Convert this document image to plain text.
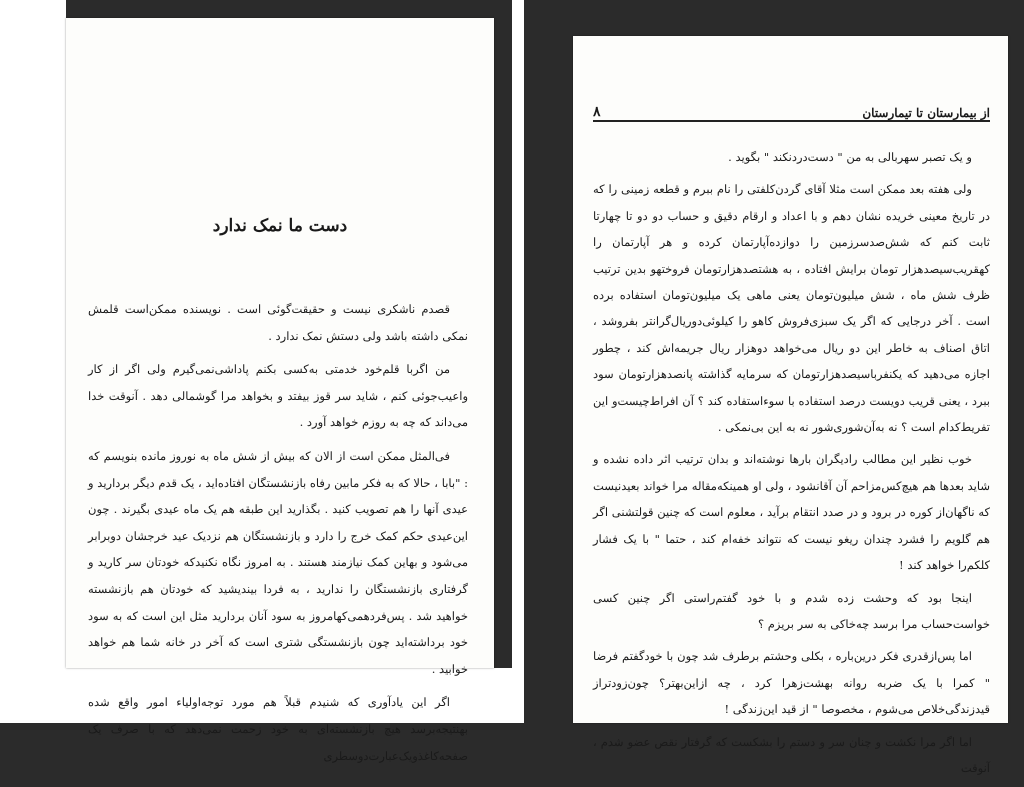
دست ما نمک ندارد

قصدم ناشکری نیست و حقیقت‌گوئی است . نویسنده ممکن‌است قلمش نمکی داشته باشد ولی دستش نمک ندارد .

من اگربا قلم‌خود خدمتی به‌کسی بکنم پاداشی‌نمی‌گیرم ولی اگر از کار واعیب‌جوئی کنم ، شاید سر قوز بیفتد و بخواهد مرا گوشمالی دهد . آنوقت خدا می‌داند که چه به روزم خواهد آورد .

فی‌المثل ممکن است از الان که بیش از شش ماه به نوروز مانده بنویسم که : "بابا ، حالا که به فکر ما‌بین رفاه بازنشستگان افتاده‌اید ، یک قدم دیگر بردارید و عیدی آنها را هم تصویب کنید . بگذارید این طبقه هم یک ماه عیدی بگیرند . چون این‌عیدی حکم کمک خرج را دارد و بازنشستگان هم نزدیک عید خرجشان دوبرابر می‌شود و بهاین کمک نیازمند هستند . به امروز نگاه نکنیدکه خودتان سر کارید و گرفتاری بازنشستگان را ندارید ، به فردا بیندیشید که خودتان هم بازنشسته خواهید شد . پس‌فردهمی‌کهامروز به سود آنان بردارید مثل این است که به سود خود برداشته‌اید چون بازنشستگی شتری است که آخر در خانه شما هم خواهد خوابید .

اگر این یادآوری که شنیدم قبلاً هم مورد توجه‌اولیاء امور واقع شده بهنتیجه‌برسد هیچ بازنشسته‌ای به خود زحمت نمی‌دهد که با صرف یک صفحه‌کاغذویک‌عبارت‌دوسطری

۸	از بیمارستان تا تیمارستان

و یک تصبر سهربالی به من " دست‌دردنکند " بگوید .

ولی هفته بعد ممکن است مثلا آقای گردن‌کلفتی را نام ببرم و قطعه‌ زمینی را که در تاریخ معینی خریده نشان دهم و با اعداد و ارقام دقیق و حساب دو دو تا چهارتا ثابت کنم که شش‌صدسرزمین را دوازده‌آپارتمان کرده و هر آپارتمان را کهقریب‌سیصدهزار تومان برایش افتاده ، به هشتصدهزارتومان فروختهو بدین ترتیب ظرف شش ماه ، شش میلیون‌تومان یعنی ماهی یک میلیون‌تومان استفاده برده است . آخر درجایی که اگر یک سبزی‌فروش کاهو را کیلوئی‌دوریال‌گرانتر بفروشد ، اتاق اصناف به خاطر این دو ریال می‌خواهد دوهزار ریال جریمه‌اش کند ، چطور اجازه می‌دهید که یکنفربا‌سیصدهزارتومان که سرمایه گذاشته پانصدهزارتومان سود ببرد ، یعنی قریب دویست درصد استفاده با سوءاستفاده کند ؟ آن افراط‌چیست‌و این تفریط‌کدام است ؟ نه به‌آن‌شوری‌شور نه به این بی‌نمکی .

خوب نظیر این مطالب رادیگران بارها نوشته‌اند و بدان ترتیب اثر داده نشده و شاید بعدها هم هیچ‌کس‌مزاحم آن آقانشود ، ولی او همینکه‌مقاله‌ مرا خواند بعیدنیست که ناگهان‌از کوره در برود و در صدد انتقام برآید ، معلوم است که چنین قولتشنی اگر هم گلویم را فشرد چندان ریغو نیست که نتواند خفه‌ام کند ، حتما " با یک فشار کلکم‌را خواهد کند !

اینجا بود که وحشت زده شدم و با خود گفتم‌راستی اگر چنین کسی خواست‌حساب مرا برسد چه‌خاکی به سر بریزم ؟

اما پس‌ازقدری فکر درین‌باره ، بکلی وحشتم برطرف شد چون با خودگفتم فرضا " کمرا با یک ضربه روانه بهشت‌زهرا کرد ، چه ازاین‌بهتر؟ چون‌زودتراز قیدزندگی‌خلاص می‌شوم ، مخصوصا " از قید این‌زندگی !

اما اگر مرا نکشت و چنان سر و دستم را بشکست که گرفتار نقص عضو شدم ، آنوقت
